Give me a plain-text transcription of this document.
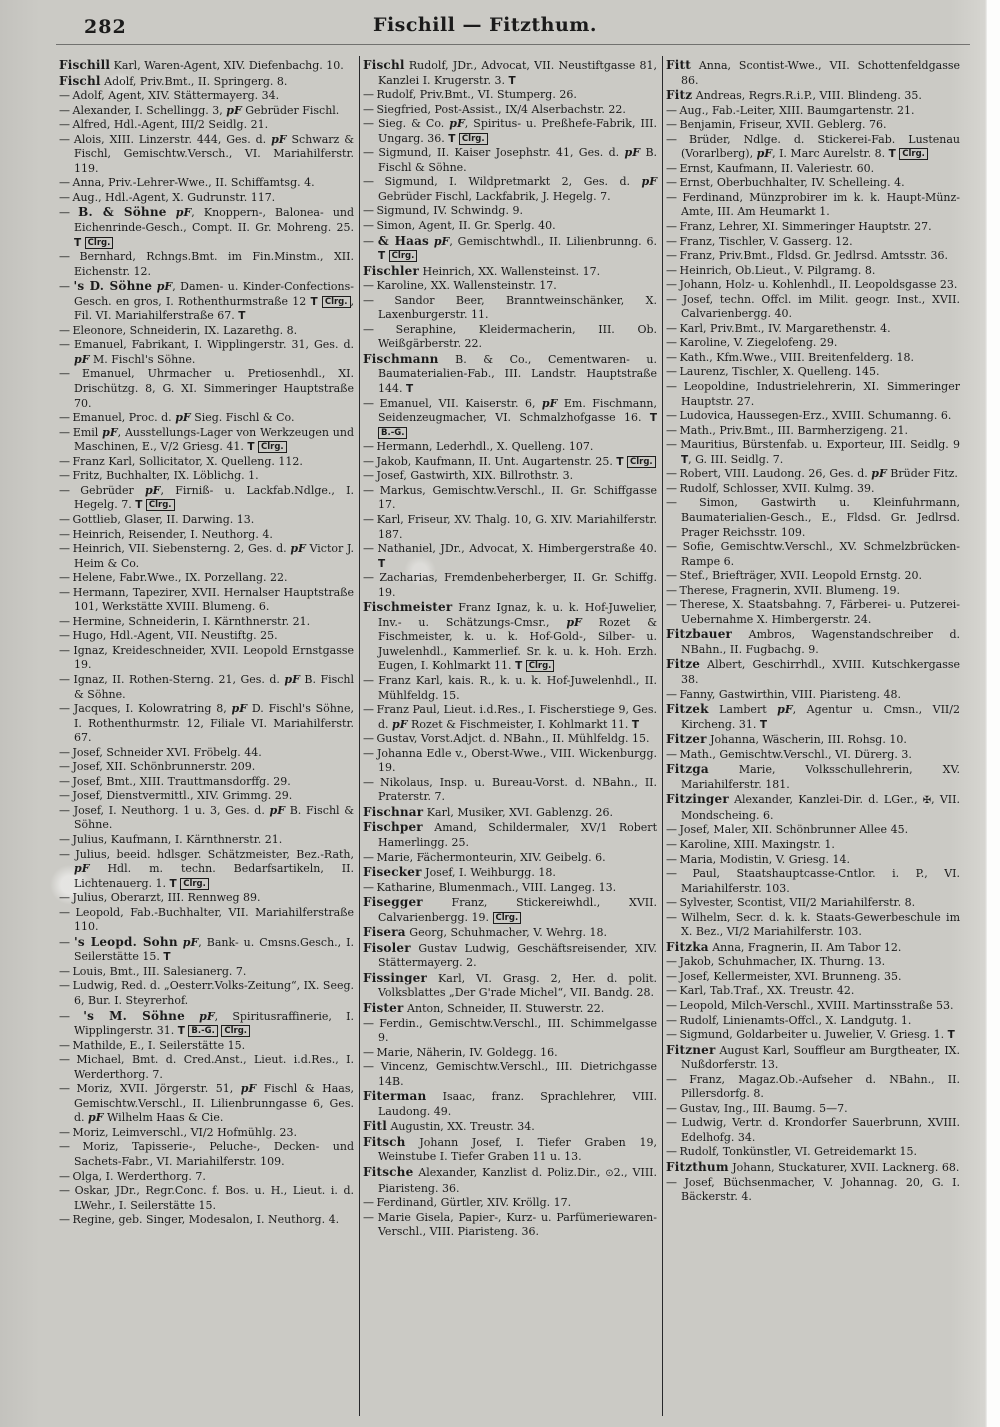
282	Fischill — Fitzthum.

Fischill Karl, Waren-Agent, XIV. Diefenbachg. 10.

Fischl Adolf, Priv.Bmt., II. Springerg. 8.

— Adolf, Agent, XIV. Stättermayerg. 34.

— Alexander, I. Schellingg. 3, pF Gebrüder Fischl.

— Alfred, Hdl.-Agent, III/2 Seidlg. 21.

— Alois, XIII. Linzerstr. 444, Ges. d. pF Schwarz & Fischl, Gemischtw.Versch., VI. Mariahilferstr. 119.

— Anna, Priv.-Lehrer-Wwe., II. Schiffamtsg. 4.

— Aug., Hdl.-Agent, X. Gudrunstr. 117.

— B. & Söhne pF, Knoppern-, Balonea- und Eichenrinde-Gesch., Compt. II. Gr. Mohreng. 25. T Clrg.

— Bernhard, Rchngs.Bmt. im Fin.Minstm., XII. Eichenstr. 12.

— 's D. Söhne pF, Damen- u. Kinder-Confections-Gesch. en gros, I. Rothenthurmstraße 12 T Clrg. , Fil. VI. Mariahilferstraße 67. T

— Eleonore, Schneiderin, IX. Lazarethg. 8.

— Emanuel, Fabrikant, I. Wipplingerstr. 31, Ges. d. pF M. Fischl's Söhne.

— Emanuel, Uhrmacher u. Pretiosenhdl., XI. Drischützg. 8, G. XI. Simmeringer Hauptstraße 70.

— Emanuel, Proc. d. pF Sieg. Fischl & Co.

— Emil pF, Ausstellungs-Lager von Werkzeugen und Maschinen, E., V/2 Griesg. 41. T Clrg.

— Franz Karl, Sollicitator, X. Quelleng. 112.

— Fritz, Buchhalter, IX. Löblichg. 1.

— Gebrüder pF, Firniß- u. Lackfab.Ndlge., I. Hegelg. 7. T Clrg.

— Gottlieb, Glaser, II. Darwing. 13.

— Heinrich, Reisender, I. Neuthorg. 4.

— Heinrich, VII. Siebensterng. 2, Ges. d. pF Victor J. Heim & Co.

— Helene, Fabr.Wwe., IX. Porzellang. 22.

— Hermann, Tapezirer, XVII. Hernalser Hauptstraße 101, Werkstätte XVIII. Blumeng. 6.

— Hermine, Schneiderin, I. Kärnthnerstr. 21.

— Hugo, Hdl.-Agent, VII. Neustiftg. 25.

— Ignaz, Kreideschneider, XVII. Leopold Ernstgasse 19.

— Ignaz, II. Rothen-Sterng. 21, Ges. d. pF B. Fischl & Söhne.

— Jacques, I. Kolowratring 8, pF D. Fischl's Söhne, I. Rothenthurmstr. 12, Filiale VI. Mariahilferstr. 67.

— Josef, Schneider XVI. Fröbelg. 44.

— Josef, XII. Schönbrunnerstr. 209.

— Josef, Bmt., XIII. Trauttmansdorffg. 29.

— Josef, Dienstvermittl., XIV. Grimmg. 29.

— Josef, I. Neuthorg. 1 u. 3, Ges. d. pF B. Fischl & Söhne.

— Julius, Kaufmann, I. Kärnthnerstr. 21.

— Julius, beeid. hdlsger. Schätzmeister, Bez.-Rath, pF Hdl. m. techn. Bedarfsartikeln, II. Lichtenauerg. 1. T Clrg.

— Julius, Oberarzt, III. Rennweg 89.

— Leopold, Fab.-Buchhalter, VII. Mariahilferstraße 110.

— 's Leopd. Sohn pF, Bank- u. Cmsns.Gesch., I. Seilerstätte 15. T

— Louis, Bmt., III. Salesianerg. 7.

— Ludwig, Red. d. „Oesterr.Volks-Zeitung“, IX. Seeg. 6, Bur. I. Steyrerhof.

— 's M. Söhne pF, Spiritusraffinerie, I. Wipplingerstr. 31. T B.-G. Clrg.

— Mathilde, E., I. Seilerstätte 15.

— Michael, Bmt. d. Cred.Anst., Lieut. i.d.Res., I. Werderthorg. 7.

— Moriz, XVII. Jörgerstr. 51, pF Fischl & Haas, Gemischtw.Verschl., II. Lilienbrunngasse 6, Ges. d. pF Wilhelm Haas & Cie.

— Moriz, Leimverschl., VI/2 Hofmühlg. 23.

— Moriz, Tapisserie-, Peluche-, Decken- und Sachets-Fabr., VI. Mariahilferstr. 109.

— Olga, I. Werderthorg. 7.

— Oskar, JDr., Regr.Conc. f. Bos. u. H., Lieut. i. d. LWehr., I. Seilerstätte 15.

— Regine, geb. Singer, Modesalon, I. Neuthorg. 4.

Fischl Rudolf, JDr., Advocat, VII. Neustiftgasse 81, Kanzlei I. Krugerstr. 3. T

— Rudolf, Priv.Bmt., VI. Stumperg. 26.

— Siegfried, Post-Assist., IX/4 Alserbachstr. 22.

— Sieg. & Co. pF, Spiritus- u. Preßhefe-Fabrik, III. Ungarg. 36. T Clrg.

— Sigmund, II. Kaiser Josephstr. 41, Ges. d. pF B. Fischl & Söhne.

— Sigmund, I. Wildpretmarkt 2, Ges. d. pF Gebrüder Fischl, Lackfabrik, J. Hegelg. 7.

— Sigmund, IV. Schwindg. 9.

— Simon, Agent, II. Gr. Sperlg. 40.

— & Haas pF, Gemischtwhdl., II. Lilienbrunng. 6. T Clrg.

Fischler Heinrich, XX. Wallensteinst. 17.

— Karoline, XX. Wallensteinstr. 17.

— Sandor Beer, Branntweinschänker, X. Laxenburgerstr. 11.

— Seraphine, Kleidermacherin, III. Ob. Weißgärberstr. 22.

Fischmann B. & Co., Cementwaren- u. Baumaterialien-Fab., III. Landstr. Hauptstraße 144. T

— Emanuel, VII. Kaiserstr. 6, pF Em. Fischmann, Seidenzeugmacher, VI. Schmalzhofgasse 16. T B.-G.

— Hermann, Lederhdl., X. Quelleng. 107.

— Jakob, Kaufmann, II. Unt. Augartenstr. 25. T Clrg.

— Josef, Gastwirth, XIX. Billrothstr. 3.

— Markus, Gemischtw.Verschl., II. Gr. Schiffgasse 17.

— Karl, Friseur, XV. Thalg. 10, G. XIV. Mariahilferstr. 187.

— Nathaniel, JDr., Advocat, X. Himbergerstraße 40. T

— Zacharias, Fremdenbeherberger, II. Gr. Schiffg. 19.

Fischmeister Franz Ignaz, k. u. k. Hof-Juwelier, Inv.- u. Schätzungs-Cmsr., pF Rozet & Fischmeister, k. u. k. Hof-Gold-, Silber- u. Juwelenhdl., Kammerlief. Sr. k. u. k. Hoh. Erzh. Eugen, I. Kohlmarkt 11. T Clrg.

— Franz Karl, kais. R., k. u. k. Hof-Juwelenhdl., II. Mühlfeldg. 15.

— Franz Paul, Lieut. i.d.Res., I. Fischerstiege 9, Ges. d. pF Rozet & Fischmeister, I. Kohlmarkt 11. T

— Gustav, Vorst.Adjct. d. NBahn., II. Mühlfeldg. 15.

— Johanna Edle v., Oberst-Wwe., VIII. Wickenburgg. 19.

— Nikolaus, Insp. u. Bureau-Vorst. d. NBahn., II. Praterstr. 7.

Fischnar Karl, Musiker, XVI. Gablenzg. 26.

Fischper Amand, Schildermaler, XV/1 Robert Hamerlingg. 25.

— Marie, Fächermonteurin, XIV. Geibelg. 6.

Fisecker Josef, I. Weihburgg. 18.

— Katharine, Blumenmach., VIII. Langeg. 13.

Fisegger Franz, Stickereiwhdl., XVII. Calvarienbergg. 19. Clrg.

Fisera Georg, Schuhmacher, V. Wehrg. 18.

Fisoler Gustav Ludwig, Geschäftsreisender, XIV. Stättermayerg. 2.

Fissinger Karl, VI. Grasg. 2, Her. d. polit. Volksblattes „Der G'rade Michel“, VII. Bandg. 28.

Fister Anton, Schneider, II. Stuwerstr. 22.

— Ferdin., Gemischtw.Verschl., III. Schimmelgasse 9.

— Marie, Näherin, IV. Goldegg. 16.

— Vincenz, Gemischtw.Verschl., III. Dietrichgasse 14B.

Fiterman Isaac, franz. Sprachlehrer, VIII. Laudong. 49.

Fitl Augustin, XX. Treustr. 34.

Fitsch Johann Josef, I. Tiefer Graben 19, Weinstube I. Tiefer Graben 11 u. 13.

Fitsche Alexander, Kanzlist d. Poliz.Dir., ⊙2., VIII. Piaristeng. 36.

— Ferdinand, Gürtler, XIV. Kröllg. 17.

— Marie Gisela, Papier-, Kurz- u. Parfümeriewaren-Verschl., VIII. Piaristeng. 36.

Fitt Anna, Scontist-Wwe., VII. Schottenfeldgasse 86.

Fitz Andreas, Regrs.R.i.P., VIII. Blindeng. 35.

— Aug., Fab.-Leiter, XIII. Baumgartenstr. 21.

— Benjamin, Friseur, XVII. Geblerg. 76.

— Brüder, Ndlge. d. Stickerei-Fab. Lustenau (Vorarlberg), pF, I. Marc Aurelstr. 8. T Clrg.

— Ernst, Kaufmann, II. Valeriestr. 60.

— Ernst, Oberbuchhalter, IV. Schelleing. 4.

— Ferdinand, Münzprobirer im k. k. Haupt-Münz-Amte, III. Am Heumarkt 1.

— Franz, Lehrer, XI. Simmeringer Hauptstr. 27.

— Franz, Tischler, V. Gasserg. 12.

— Franz, Priv.Bmt., Fldsd. Gr. Jedlrsd. Amtsstr. 36.

— Heinrich, Ob.Lieut., V. Pilgramg. 8.

— Johann, Holz- u. Kohlenhdl., II. Leopoldsgasse 23.

— Josef, techn. Offcl. im Milit. geogr. Inst., XVII. Calvarienbergg. 40.

— Karl, Priv.Bmt., IV. Margarethenstr. 4.

— Karoline, V. Ziegelofeng. 29.

— Kath., Kfm.Wwe., VIII. Breitenfelderg. 18.

— Laurenz, Tischler, X. Quelleng. 145.

— Leopoldine, Industrielehrerin, XI. Simmeringer Hauptstr. 27.

— Ludovica, Haussegen-Erz., XVIII. Schumanng. 6.

— Math., Priv.Bmt., III. Barmherzigeng. 21.

— Mauritius, Bürstenfab. u. Exporteur, III. Seidlg. 9 T, G. III. Seidlg. 7.

— Robert, VIII. Laudong. 26, Ges. d. pF Brüder Fitz.

— Rudolf, Schlosser, XVII. Kulmg. 39.

— Simon, Gastwirth u. Kleinfuhrmann, Baumaterialien-Gesch., E., Fldsd. Gr. Jedlrsd. Prager Reichsstr. 109.

— Sofie, Gemischtw.Verschl., XV. Schmelzbrücken-Rampe 6.

— Stef., Briefträger, XVII. Leopold Ernstg. 20.

— Therese, Fragnerin, XVII. Blumeng. 19.

— Therese, X. Staatsbahng. 7, Färberei- u. Putzerei-Uebernahme X. Himbergerstr. 24.

Fitzbauer Ambros, Wagenstandschreiber d. NBahn., II. Fugbachg. 9.

Fitze Albert, Geschirrhdl., XVIII. Kutschkergasse 38.

— Fanny, Gastwirthin, VIII. Piaristeng. 48.

Fitzek Lambert pF, Agentur u. Cmsn., VII/2 Kircheng. 31. T

Fitzer Johanna, Wäscherin, III. Rohsg. 10.

— Math., Gemischtw.Verschl., VI. Dürerg. 3.

Fitzga Marie, Volksschullehrerin, XV. Mariahilferstr. 181.

Fitzinger Alexander, Kanzlei-Dir. d. LGer., ✠, VII. Mondscheing. 6.

— Josef, Maler, XII. Schönbrunner Allee 45.

— Karoline, XIII. Maxingstr. 1.

— Maria, Modistin, V. Griesg. 14.

— Paul, Staatshauptcasse-Cntlor. i. P., VI. Mariahilferstr. 103.

— Sylvester, Scontist, VII/2 Mariahilferstr. 8.

— Wilhelm, Secr. d. k. k. Staats-Gewerbeschule im X. Bez., VI/2 Mariahilferstr. 103.

Fitzka Anna, Fragnerin, II. Am Tabor 12.

— Jakob, Schuhmacher, IX. Thurng. 13.

— Josef, Kellermeister, XVI. Brunneng. 35.

— Karl, Tab.Traf., XX. Treustr. 42.

— Leopold, Milch-Verschl., XVIII. Martinsstraße 53.

— Rudolf, Linienamts-Offcl., X. Landgutg. 1.

— Sigmund, Goldarbeiter u. Juwelier, V. Griesg. 1. T

Fitzner August Karl, Souffleur am Burgtheater, IX. Nußdorferstr. 13.

— Franz, Magaz.Ob.-Aufseher d. NBahn., II. Pillersdorfg. 8.

— Gustav, Ing., III. Baumg. 5—7.

— Ludwig, Vertr. d. Krondorfer Sauerbrunn, XVIII. Edelhofg. 34.

— Rudolf, Tonkünstler, VI. Getreidemarkt 15.

Fitzthum Johann, Stuckaturer, XVII. Lacknerg. 68.

— Josef, Büchsenmacher, V. Johannag. 20, G. I. Bäckerstr. 4.
